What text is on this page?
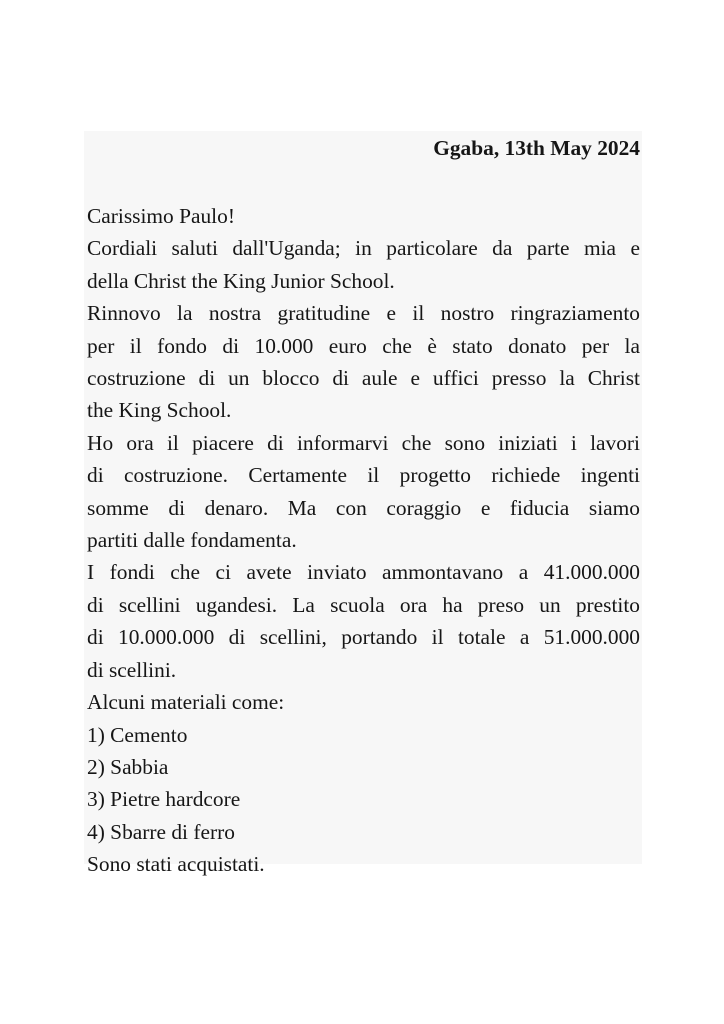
Ggaba, 13th May 2024
Carissimo Paulo!
Cordiali saluti dall'Uganda; in particolare da parte mia e
della Christ the King Junior School.
Rinnovo la nostra gratitudine e il nostro ringraziamento
per il fondo di 10.000 euro che è stato donato per la
costruzione di un blocco di aule e uffici presso la Christ
the King School.
Ho ora il piacere di informarvi che sono iniziati i lavori
di costruzione. Certamente il progetto richiede ingenti
somme di denaro. Ma con coraggio e fiducia siamo
partiti dalle fondamenta.
I fondi che ci avete inviato ammontavano a 41.000.000
di scellini ugandesi. La scuola ora ha preso un prestito
di 10.000.000 di scellini, portando il totale a 51.000.000
di scellini.
Alcuni materiali come:
1) Cemento
2) Sabbia
3) Pietre hardcore
4) Sbarre di ferro
Sono stati acquistati.
